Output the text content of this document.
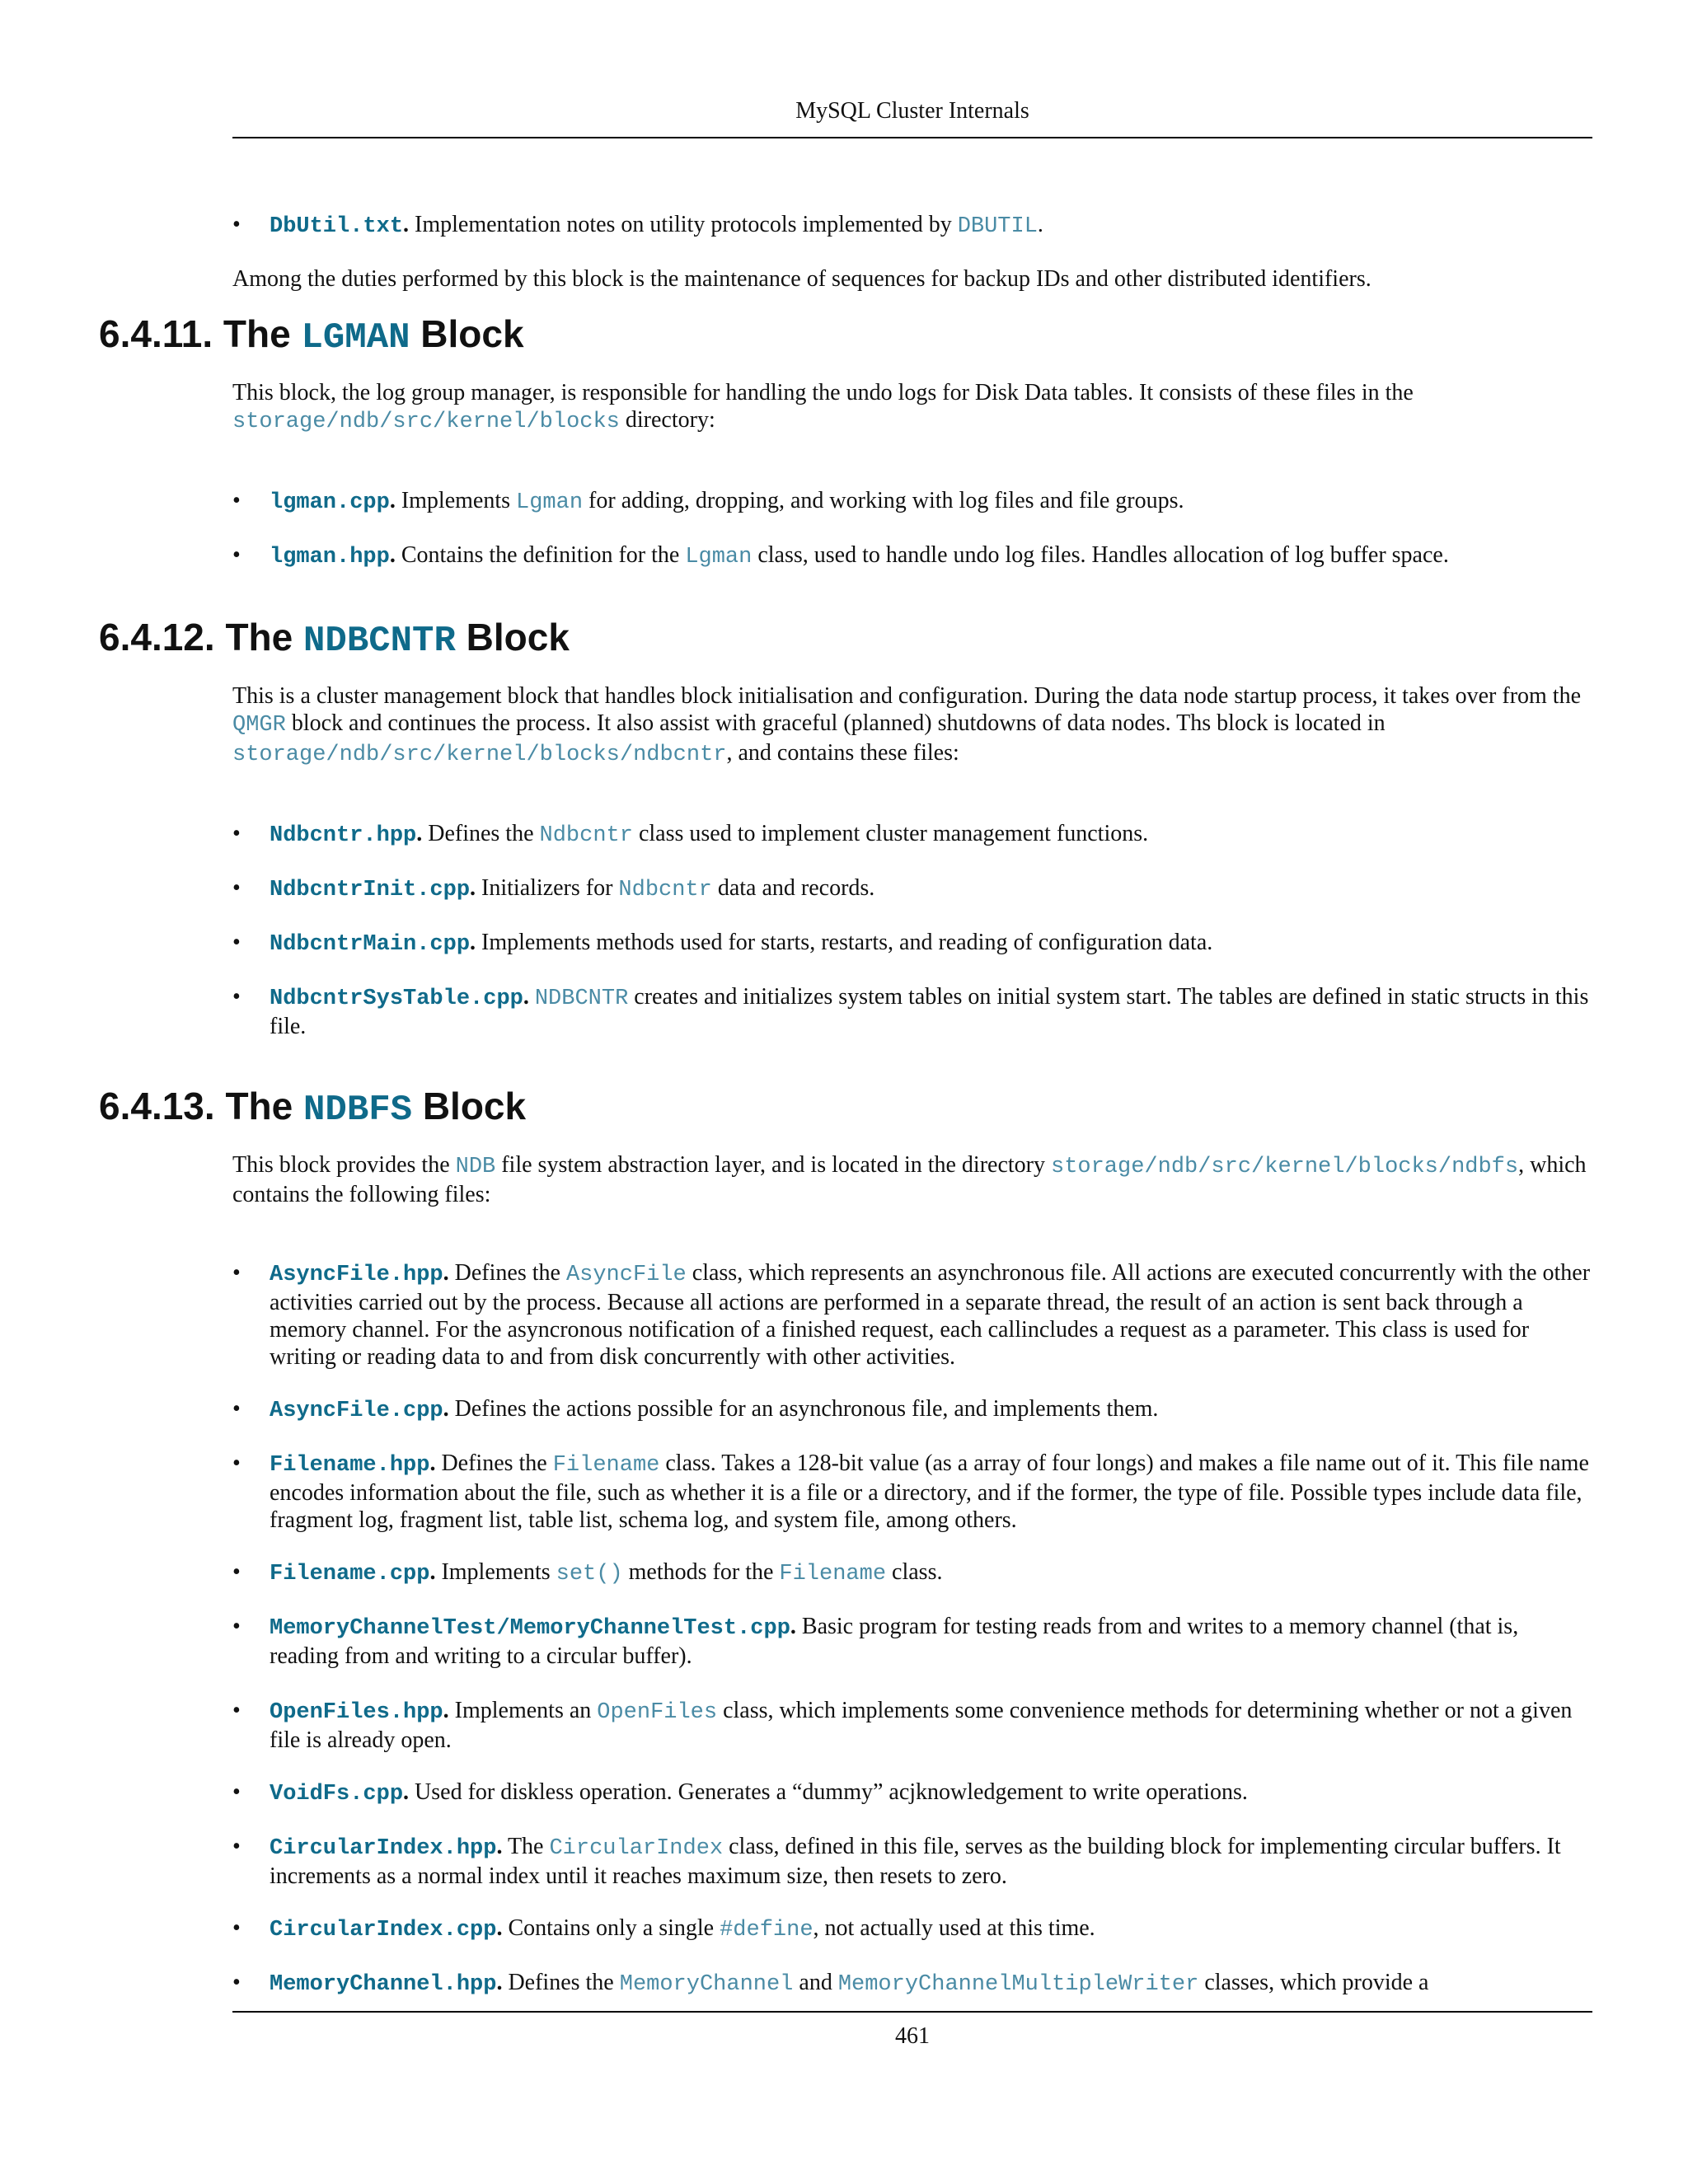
MySQL Cluster Internals
• DbUtil.txt. Implementation notes on utility protocols implemented by DBUTIL.

Among the duties performed by this block is the maintenance of sequences for backup IDs and other distributed identifiers.

6.4.11. The LGMAN Block

This block, the log group manager, is responsible for handling the undo logs for Disk Data tables. It consists of these files in the storage/ndb/src/kernel/blocks directory:

• lgman.cpp. Implements Lgman for adding, dropping, and working with log files and file groups.
• lgman.hpp. Contains the definition for the Lgman class, used to handle undo log files. Handles allocation of log buffer space.
6.4.12. The NDBCNTR Block

This is a cluster management block that handles block initialisation and configuration. During the data node startup process, it takes over from the QMGR block and continues the process. It also assist with graceful (planned) shutdowns of data nodes. Ths block is located in storage/ndb/src/kernel/blocks/ndbcntr, and contains these files:

• Ndbcntr.hpp. Defines the Ndbcntr class used to implement cluster management functions.
• NdbcntrInit.cpp. Initializers for Ndbcntr data and records.
• NdbcntrMain.cpp. Implements methods used for starts, restarts, and reading of configuration data.
• NdbcntrSysTable.cpp. NDBCNTR creates and initializes system tables on initial system start. The tables are defined in static structs in this file.
6.4.13. The NDBFS Block

This block provides the NDB file system abstraction layer, and is located in the directory storage/ndb/src/kernel/blocks/ndbfs, which contains the following files:

• AsyncFile.hpp. Defines the AsyncFile class, which represents an asynchronous file. All actions are executed concurrently with the other activities carried out by the process. Because all actions are performed in a separate thread, the result of an action is sent back through a memory channel. For the asyncronous notification of a finished request, each callincludes a request as a parameter. This class is used for writing or reading data to and from disk concurrently with other activities.
• AsyncFile.cpp. Defines the actions possible for an asynchronous file, and implements them.
• Filename.hpp. Defines the Filename class. Takes a 128-bit value (as a array of four longs) and makes a file name out of it. This file name encodes information about the file, such as whether it is a file or a directory, and if the former, the type of file. Possible types include data file, fragment log, fragment list, table list, schema log, and system file, among others.
• Filename.cpp. Implements set() methods for the Filename class.
• MemoryChannelTest/MemoryChannelTest.cpp. Basic program for testing reads from and writes to a memory channel (that is, reading from and writing to a circular buffer).
• OpenFiles.hpp. Implements an OpenFiles class, which implements some convenience methods for determining whether or not a given file is already open.
• VoidFs.cpp. Used for diskless operation. Generates a “dummy” acjknowledgement to write operations.
• CircularIndex.hpp. The CircularIndex class, defined in this file, serves as the building block for implementing circular buffers. It increments as a normal index until it reaches maximum size, then resets to zero.
• CircularIndex.cpp. Contains only a single #define, not actually used at this time.
• MemoryChannel.hpp. Defines the MemoryChannel and MemoryChannelMultipleWriter classes, which provide a
461
